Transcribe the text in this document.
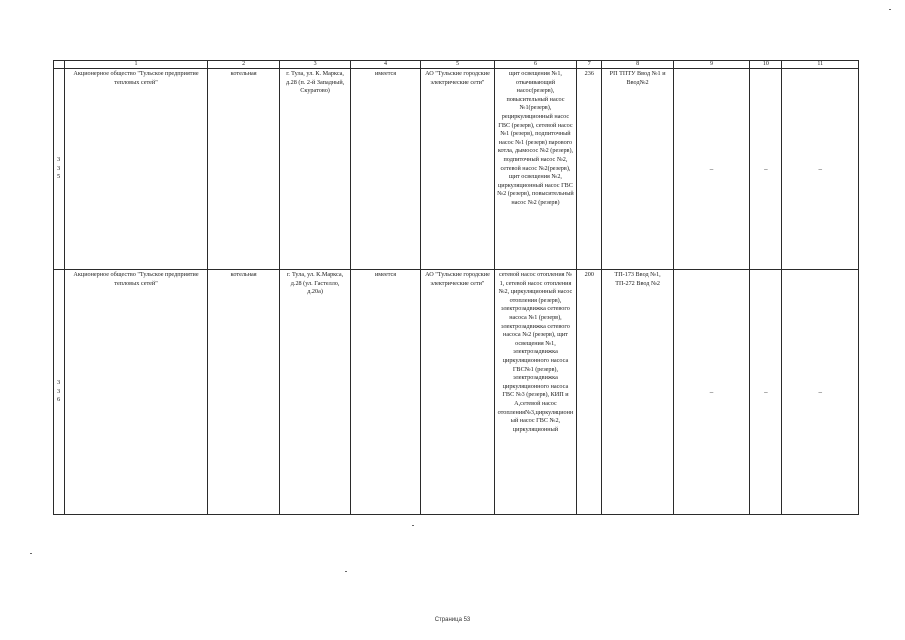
	1	2	3	4	5	6	7	8	9	10	11
335	Акционерное общество "Тульское предприятие тепловых сетей"	котельная	г. Тула, ул. К. Маркса, д.28 (п. 2-й Западный, Скуратово)	имеется	АО "Тульские городские электрические сети"	щит освещения №1, откачивающий насос(резерв), повысительный насос №1(резерв), рециркуляционный насос ГВС (резерв), сетевой насос №1 (резерв), подпиточный насос №1 (резерв) парового котла, дымосос №2 (резерв), подпиточный насос №2, сетевой насос №2(резерв), щит освещения №2, циркуляционный насос ГВС №2 (резерв), повысительный насос №2 (резерв)	236	РП ТПТУ Ввод №1 и Ввод№2	–	–	–
336	Акционерное общество "Тульское предприятие тепловых сетей"	котельная	г. Тула, ул. К.Маркса, д.28 (ул. Гастелло, д.20а)	имеется	АО "Тульские городские электрические сети"	сетевой насос отопления № 1, сетевой насос отопления №2, циркуляционный насос отопления (резерв), электрозадвижка сетевого насоса №1 (резерв), электрозадвижка сетевого насоса №2 (резерв), щит освещения №1, электрозадвижка циркуляционного насоса ГВС№1 (резерв), электрозадвижка циркуляционного насоса ГВС №3 (резерв), КИП и А,сетевой насос отопления№3,циркуляционный насос ГВС №2, циркуляционный	200	ТП-173 Ввод №1, ТП-272 Ввод №2	–	–	–
Страница 53
